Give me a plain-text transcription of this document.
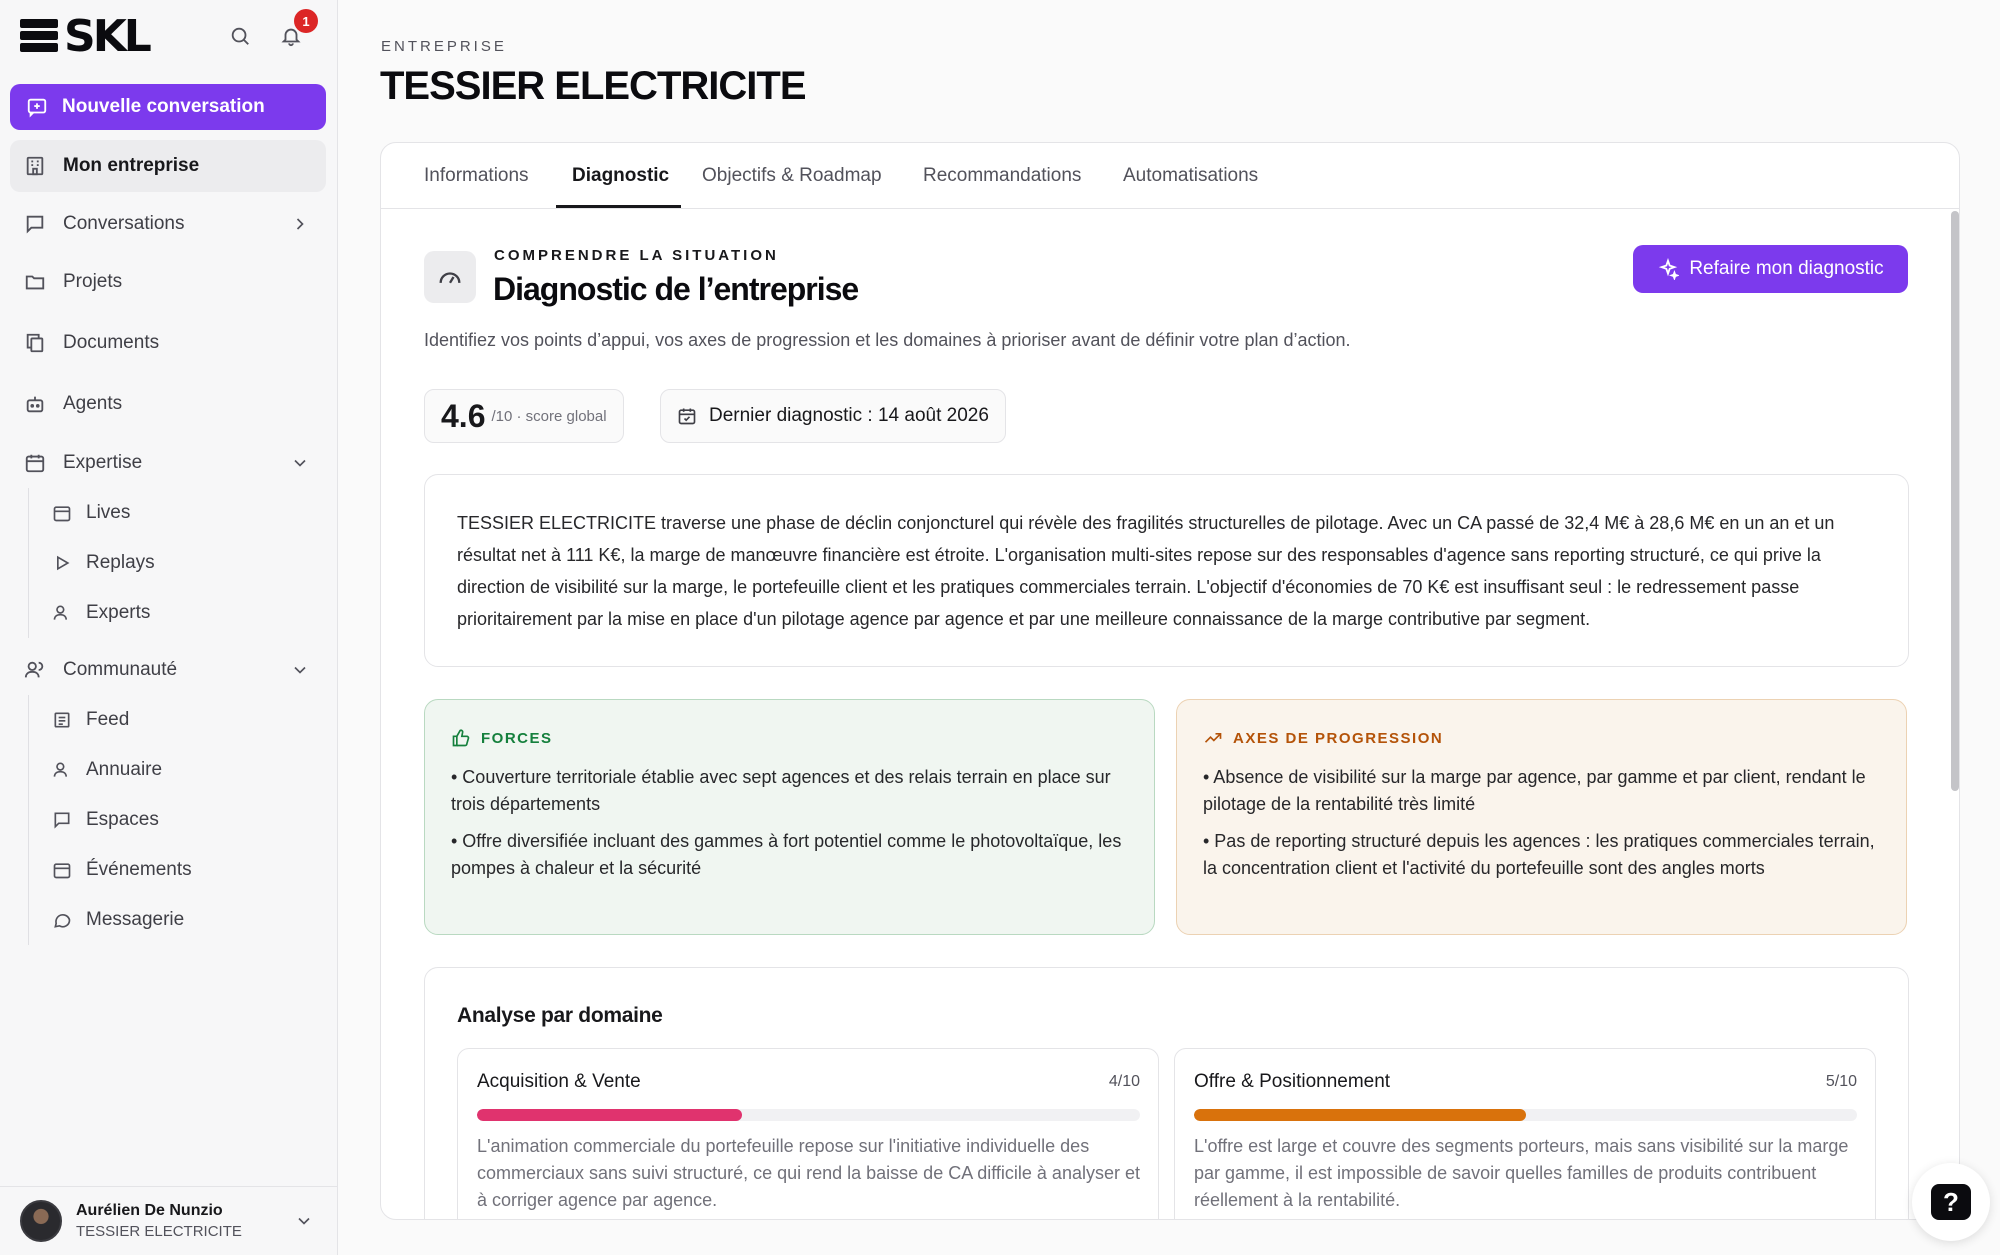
SKL	1
Nouvelle conversation
Mon entreprise
Conversations
Projets
Documents
Agents
Expertise
Lives
Replays
Experts
Communauté
Feed
Annuaire
Espaces
Événements
Messagerie
Aurélien De Nunzio
TESSIER ELECTRICITE
ENTREPRISE
TESSIER ELECTRICITE
Informations Diagnostic Objectifs & Roadmap Recommandations Automatisations
COMPRENDRE LA SITUATION
Diagnostic de l’entreprise
Refaire mon diagnostic

Identifiez vos points d’appui, vos axes de progression et les domaines à prioriser avant de définir votre plan d’action.

4.6 /10 · score global	Dernier diagnostic : 14 août 2026

TESSIER ELECTRICITE traverse une phase de déclin conjoncturel qui révèle des fragilités structurelles de pilotage. Avec un CA passé de 32,4 M€ à 28,6 M€ en un an et un résultat net à 111 K€, la marge de manœuvre financière est étroite. L'organisation multi-sites repose sur des responsables d'agence sans reporting structuré, ce qui prive la direction de visibilité sur la marge, le portefeuille client et les pratiques commerciales terrain. L'objectif d'économies de 70 K€ est insuffisant seul : le redressement passe prioritairement par la mise en place d'un pilotage agence par agence et par une meilleure connaissance de la marge contributive par segment.

FORCES

• Couverture territoriale établie avec sept agences et des relais terrain en place sur trois départements

• Offre diversifiée incluant des gammes à fort potentiel comme le photovoltaïque, les pompes à chaleur et la sécurité

AXES DE PROGRESSION

• Absence de visibilité sur la marge par agence, par gamme et par client, rendant le pilotage de la rentabilité très limité

• Pas de reporting structuré depuis les agences : les pratiques commerciales terrain, la concentration client et l'activité du portefeuille sont des angles morts

Analyse par domaine
Acquisition & Vente	4/10

L'animation commerciale du portefeuille repose sur l'initiative individuelle des commerciaux sans suivi structuré, ce qui rend la baisse de CA difficile à analyser et à corriger agence par agence.

Offre & Positionnement	5/10

L'offre est large et couvre des segments porteurs, mais sans visibilité sur la marge par gamme, il est impossible de savoir quelles familles de produits contribuent réellement à la rentabilité.	?
